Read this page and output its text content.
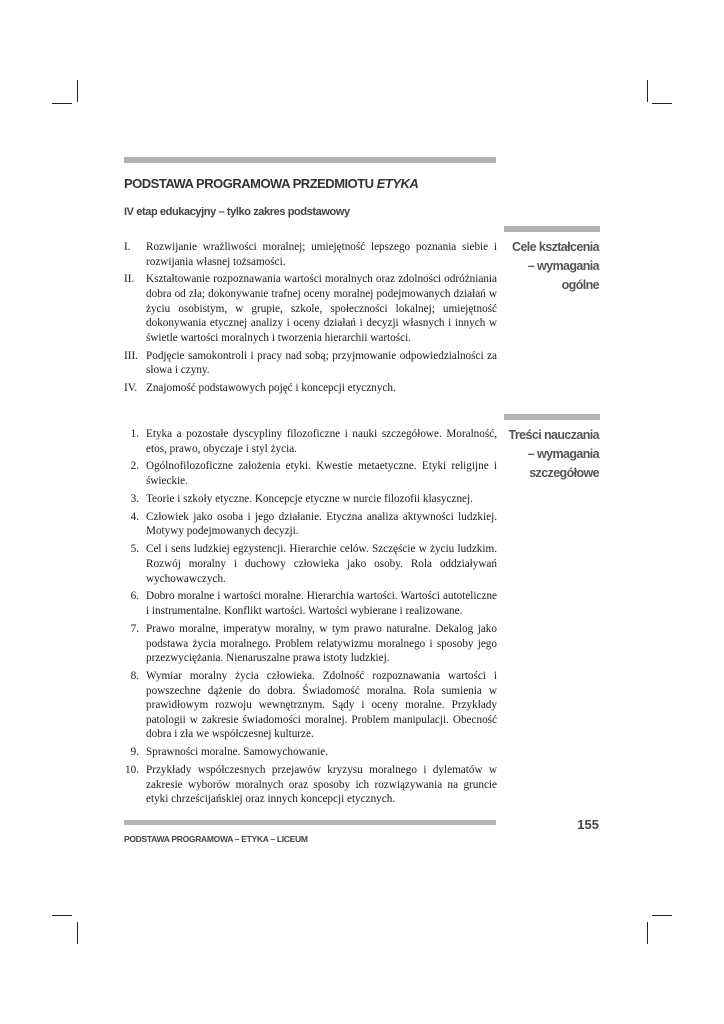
PODSTAWA PROGRAMOWA PRZEDMIOTU ETYKA
IV etap edukacyjny – tylko zakres podstawowy
Cele kształcenia
– wymagania
ogólne
I. Rozwijanie wrażliwości moralnej; umiejętność lepszego poznania siebie i rozwijania własnej tożsamości.
II. Kształtowanie rozpoznawania wartości moralnych oraz zdolności odróżniania dobra od zła; dokonywanie trafnej oceny moralnej podejmowanych działań w życiu osobistym, w grupie, szkole, społeczności lokalnej; umiejętność dokonywania etycznej analizy i oceny działań i decyzji własnych i innych w świetle wartości moralnych i tworzenia hierarchii wartości.
III. Podjęcie samokontroli i pracy nad sobą; przyjmowanie odpowiedzialności za słowa i czyny.
IV. Znajomość podstawowych pojęć i koncepcji etycznych.
Treści nauczania
– wymagania
szczegółowe
1. Etyka a pozostałe dyscypliny filozoficzne i nauki szczegółowe. Moralność, etos, prawo, obyczaje i styl życia.
2. Ogólnofilozoficzne założenia etyki. Kwestie metaetyczne. Etyki religijne i świeckie.
3. Teorie i szkoły etyczne. Koncepcje etyczne w nurcie filozofii klasycznej.
4. Człowiek jako osoba i jego działanie. Etyczna analiza aktywności ludzkiej. Motywy podejmowanych decyzji.
5. Cel i sens ludzkiej egzystencji. Hierarchie celów. Szczęście w życiu ludzkim. Rozwój moralny i duchowy człowieka jako osoby. Rola oddziaływań wychowawczych.
6. Dobro moralne i wartości moralne. Hierarchia wartości. Wartości autoteliczne i instrumentalne. Konflikt wartości. Wartości wybierane i realizowane.
7. Prawo moralne, imperatyw moralny, w tym prawo naturalne. Dekalog jako podstawa życia moralnego. Problem relatywizmu moralnego i sposoby jego przezwyciężania. Nienaruszalne prawa istoty ludzkiej.
8. Wymiar moralny życia człowieka. Zdolność rozpoznawania wartości i powszechne dążenie do dobra. Świadomość moralna. Rola sumienia w prawidłowym rozwoju wewnętrznym. Sądy i oceny moralne. Przykłady patologii w zakresie świadomości moralnej. Problem manipulacji. Obecność dobra i zła we współczesnej kulturze.
9. Sprawności moralne. Samowychowanie.
10. Przykłady współczesnych przejawów kryzysu moralnego i dylematów w zakresie wyborów moralnych oraz sposoby ich rozwiązywania na gruncie etyki chrześcijańskiej oraz innych koncepcji etycznych.
155
PODSTAWA PROGRAMOWA – ETYKA – LICEUM
